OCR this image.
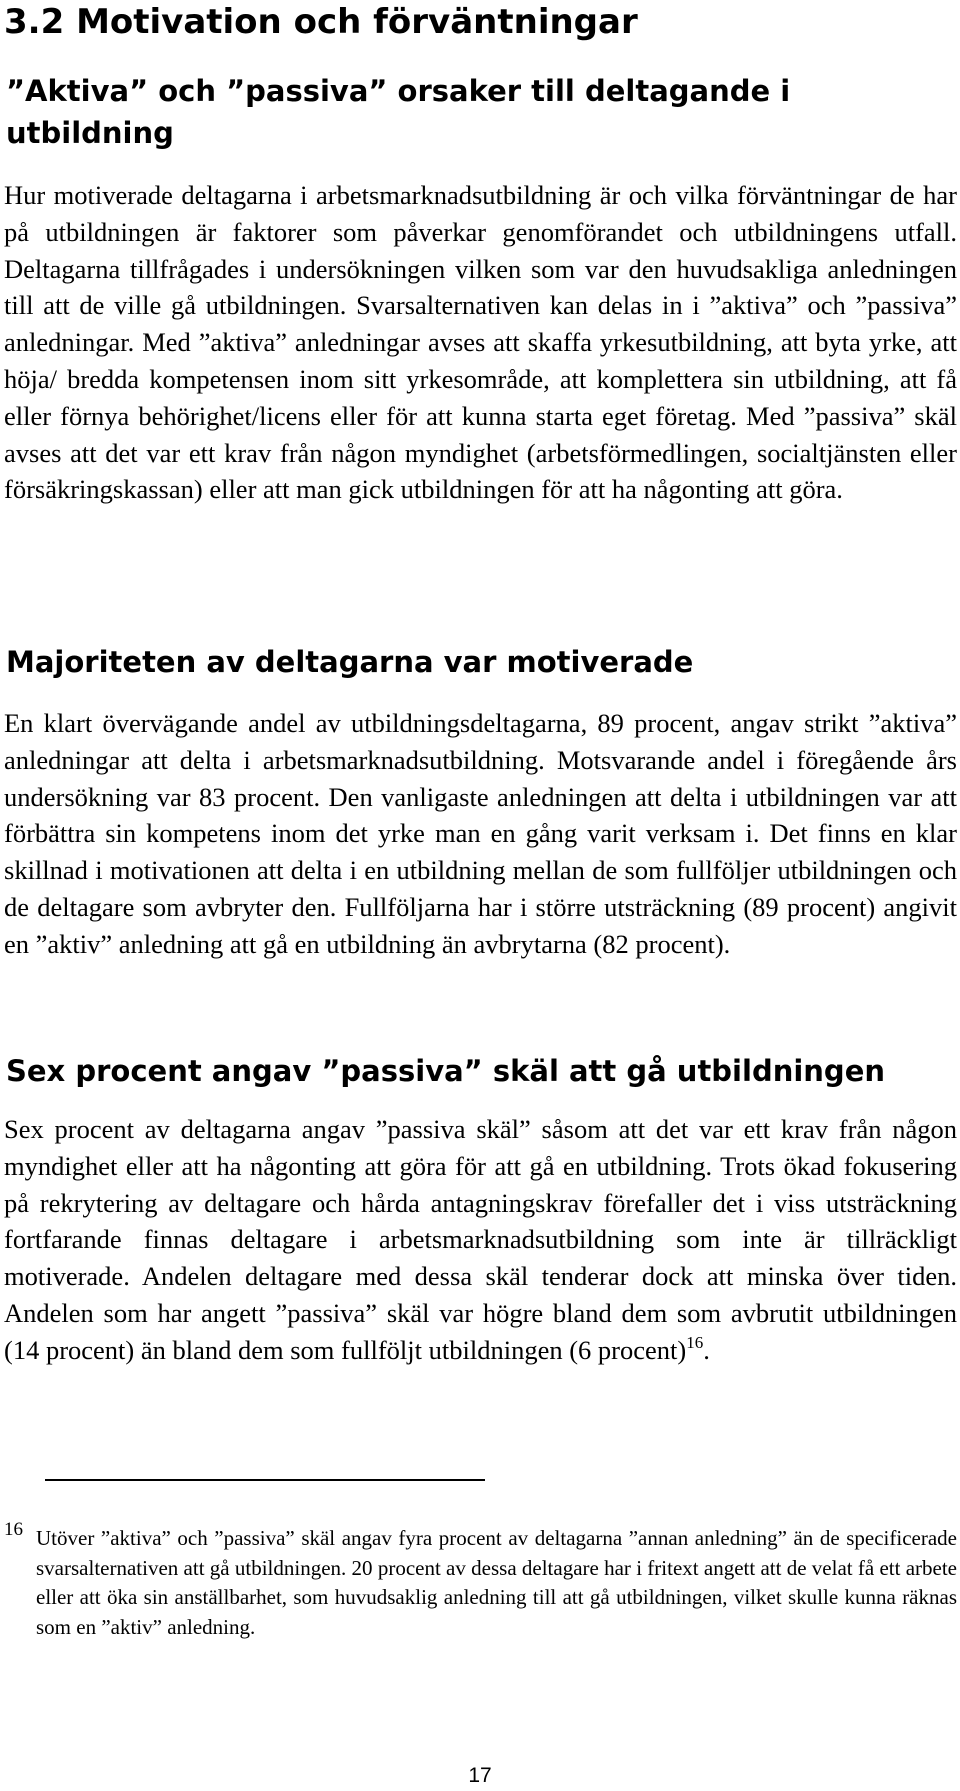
3.2 Motivation och förväntningar
”Aktiva” och ”passiva” orsaker till deltagande i utbildning

Hur motiverade deltagarna i arbetsmarknadsutbildning är och vilka förväntningar de har på utbildningen är faktorer som påverkar genomförandet och utbildningens utfall. Deltagarna tillfrågades i undersökningen vilken som var den huvudsakliga anledningen till att de ville gå utbildningen. Svarsalternativen kan delas in i ”aktiva” och ”passiva” anledningar. Med ”aktiva” anledningar avses att skaffa yrkesutbildning, att byta yrke, att höja/ bredda kompetensen inom sitt yrkesområde, att komplettera sin utbildning, att få eller förnya behörighet/licens eller för att kunna starta eget företag. Med ”passiva” skäl avses att det var ett krav från någon myndighet (arbetsförmedlingen, socialtjänsten eller försäkringskassan) eller att man gick utbildningen för att ha någonting att göra.

Majoriteten av deltagarna var motiverade

En klart övervägande andel av utbildningsdeltagarna, 89 procent, angav strikt ”aktiva” anledningar att delta i arbetsmarknadsutbildning. Motsvarande andel i föregående års undersökning var 83 procent. Den vanligaste anledningen att delta i utbildningen var att förbättra sin kompetens inom det yrke man en gång varit verksam i. Det finns en klar skillnad i motivationen att delta i en utbildning mellan de som fullföljer utbildningen och de deltagare som avbryter den. Fullföljarna har i större utsträckning (89 procent) angivit en ”aktiv” anledning att gå en utbildning än avbrytarna (82 procent).

Sex procent angav ”passiva” skäl att gå utbildningen

Sex procent av deltagarna angav ”passiva skäl” såsom att det var ett krav från någon myndighet eller att ha någonting att göra för att gå en utbildning. Trots ökad fokusering på rekrytering av deltagare och hårda antagningskrav förefaller det i viss utsträckning fortfarande finnas deltagare i arbetsmarknadsutbildning som inte är tillräckligt motiverade. Andelen deltagare med dessa skäl tenderar dock att minska över tiden. Andelen som har angett ”passiva” skäl var högre bland dem som avbrutit utbildningen (14 procent) än bland dem som fullföljt utbildningen (6 procent)$^{16}$.

16 Utöver ”aktiva” och ”passiva” skäl angav fyra procent av deltagarna ”annan anledning” än de specificerade svarsalternativen att gå utbildningen. 20 procent av dessa deltagare har i fritext angett att de velat få ett arbete eller att öka sin anställbarhet, som huvudsaklig anledning till att gå utbildningen, vilket skulle kunna räknas som en ”aktiv” anledning.
17
